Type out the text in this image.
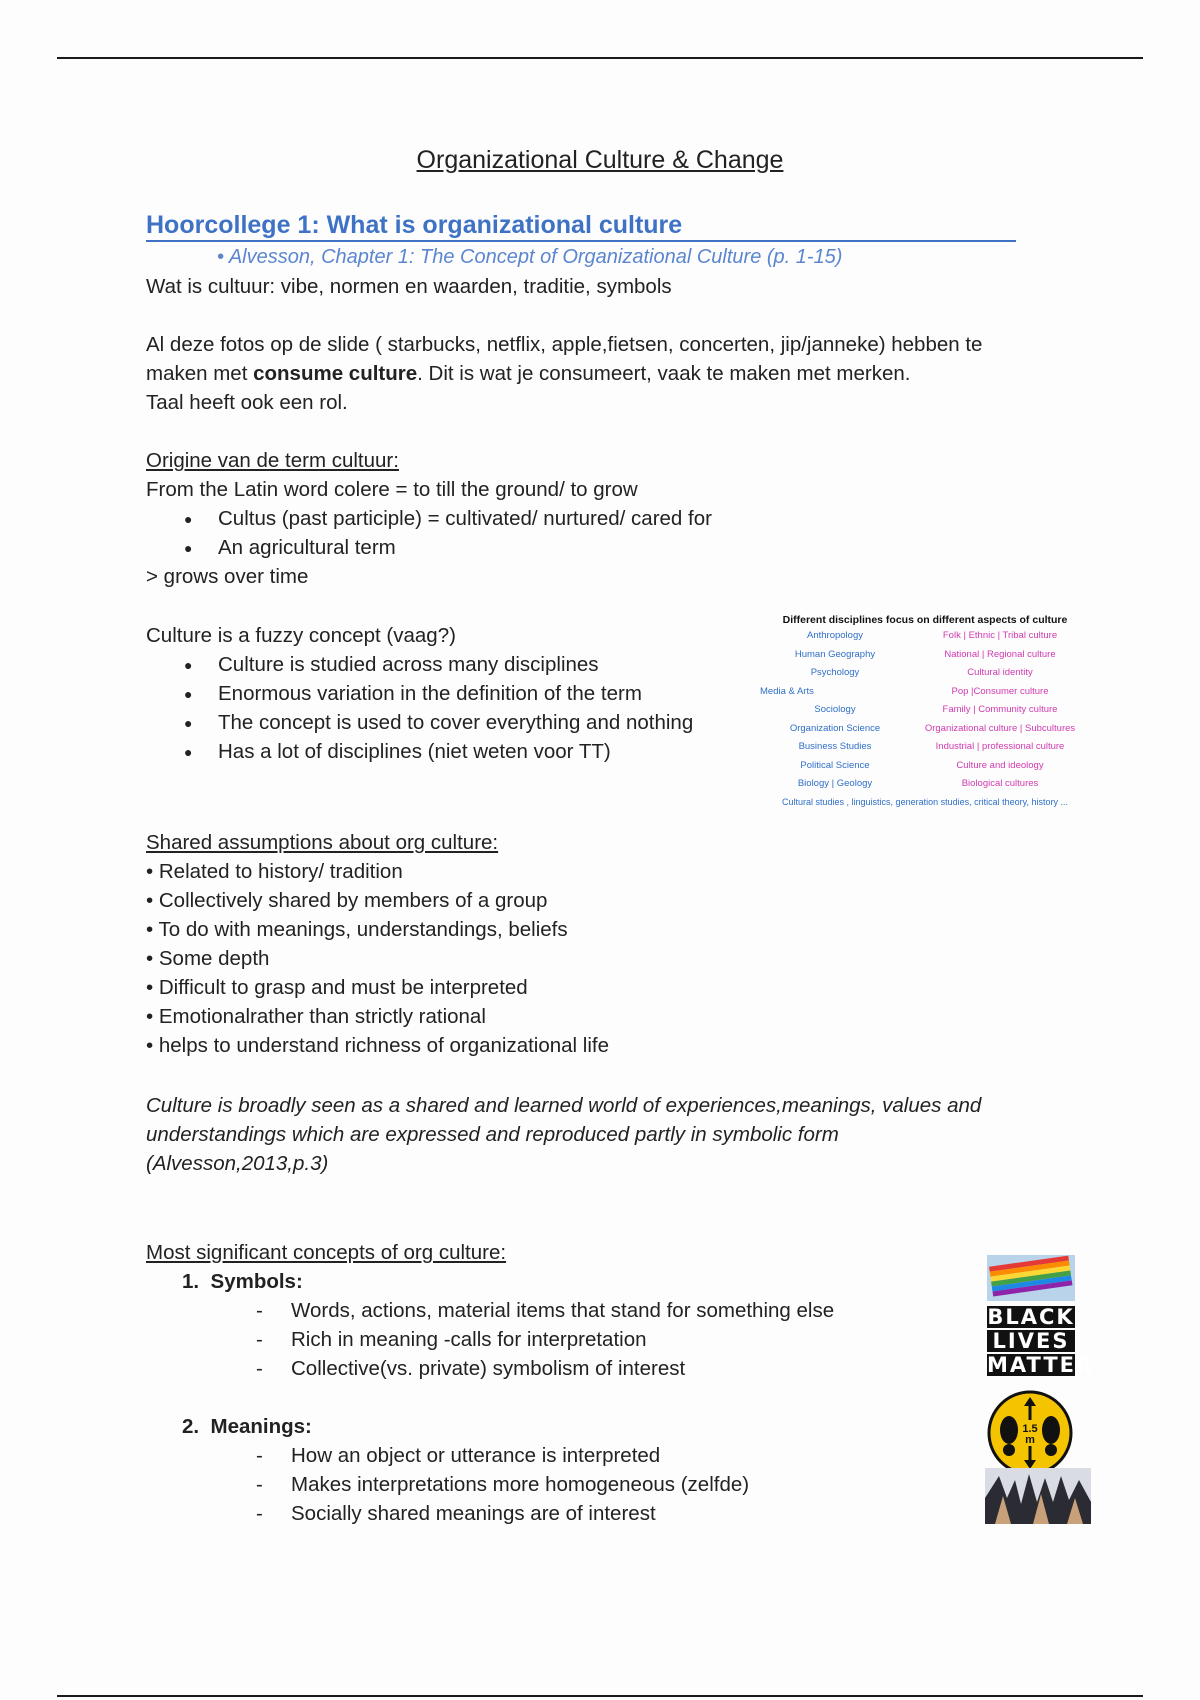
Organizational Culture & Change
Hoorcollege 1: What is organizational culture
• Alvesson, Chapter 1: The Concept of Organizational Culture (p. 1-15)
Wat is cultuur: vibe, normen en waarden, traditie, symbols
Al deze fotos op de slide ( starbucks, netflix, apple,fietsen, concerten, jip/janneke) hebben te
maken met consume culture. Dit is wat je consumeert, vaak te maken met merken.
Taal heeft ook een rol.
Origine van de term cultuur:
From the Latin word colere = to till the ground/ to grow
● Cultus (past participle) = cultivated/ nurtured/ cared for
● An agricultural term
> grows over time
Culture is a fuzzy concept (vaag?)
● Culture is studied across many disciplines
● Enormous variation in the definition of the term
● The concept is used to cover everything and nothing
● Has a lot of disciplines (niet weten voor TT)
Different disciplines focus on different aspects of culture
Anthropology	Folk | Ethnic | Tribal culture
Human Geography	National | Regional culture
Psychology	Cultural identity
Media & Arts	Pop |Consumer culture
Sociology	Family | Community culture
Organization Science	Organizational culture | Subcultures
Business Studies	Industrial | professional culture
Political Science	Culture and ideology
Biology | Geology	Biological cultures
Cultural studies , linguistics, generation studies, critical theory, history ...
Shared assumptions about org culture:
• Related to history/ tradition
• Collectively shared by members of a group
• To do with meanings, understandings, beliefs
• Some depth
• Difficult to grasp and must be interpreted
• Emotionalrather than strictly rational
• helps to understand richness of organizational life
Culture is broadly seen as a shared and learned world of experiences,meanings, values and
understandings which are expressed and reproduced partly in symbolic form
(Alvesson,2013,p.3)
Most significant concepts of org culture:
1. Symbols:
- Words, actions, material items that stand for something else
- Rich in meaning -calls for interpretation
- Collective(vs. private) symbolism of interest
2. Meanings:
- How an object or utterance is interpreted
- Makes interpretations more homogeneous (zelfde)
- Socially shared meanings are of interest
BLACK
LIVES
MATTER
1.5
m
